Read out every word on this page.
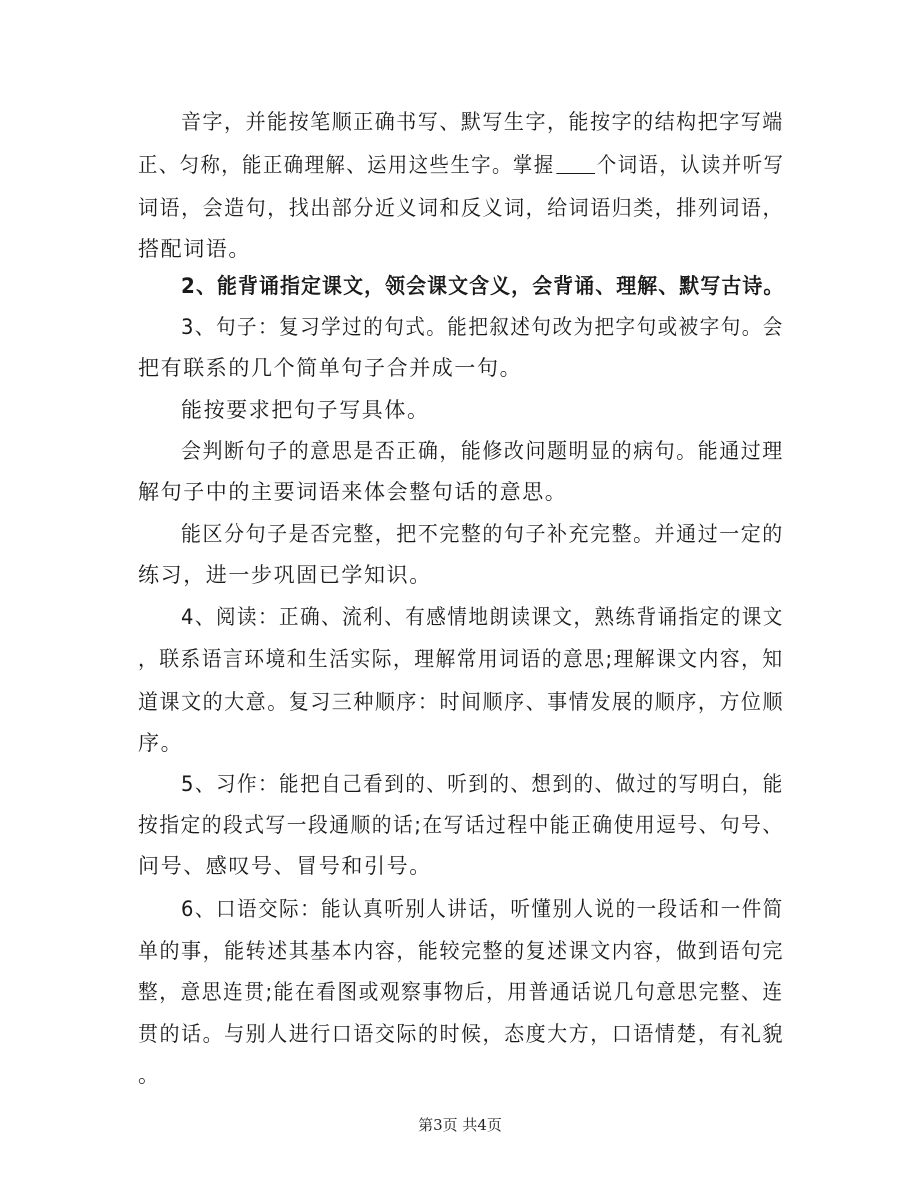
音字，并能按笔顺正确书写、默写生字，能按字的结构把字写端

正、匀称，能正确理解、运用这些生字。掌握 个词语，认读并听写

词语，会造句，找出部分近义词和反义词，给词语归类，排列词语，

搭配词语。

2、能背诵指定课文，领会课文含义，会背诵、理解、默写古诗。

3、句子：复习学过的句式。能把叙述句改为把字句或被字句。会

把有联系的几个简单句子合并成一句。

能按要求把句子写具体。

会判断句子的意思是否正确，能修改问题明显的病句。能通过理

解句子中的主要词语来体会整句话的意思。

能区分句子是否完整，把不完整的句子补充完整。并通过一定的

练习，进一步巩固已学知识。

4、阅读：正确、流利、有感情地朗读课文，熟练背诵指定的课文

，联系语言环境和生活实际，理解常用词语的意思;理解课文内容，知

道课文的大意。复习三种顺序：时间顺序、事情发展的顺序，方位顺

序。

5、习作：能把自己看到的、听到的、想到的、做过的写明白，能

按指定的段式写一段通顺的话;在写话过程中能正确使用逗号、句号、

问号、感叹号、冒号和引号。

6、口语交际：能认真听别人讲话，听懂别人说的一段话和一件简

单的事，能转述其基本内容，能较完整的复述课文内容，做到语句完

整，意思连贯;能在看图或观察事物后，用普通话说几句意思完整、连

贯的话。与别人进行口语交际的时候，态度大方，口语情楚，有礼貌

。

第3页 共4页
